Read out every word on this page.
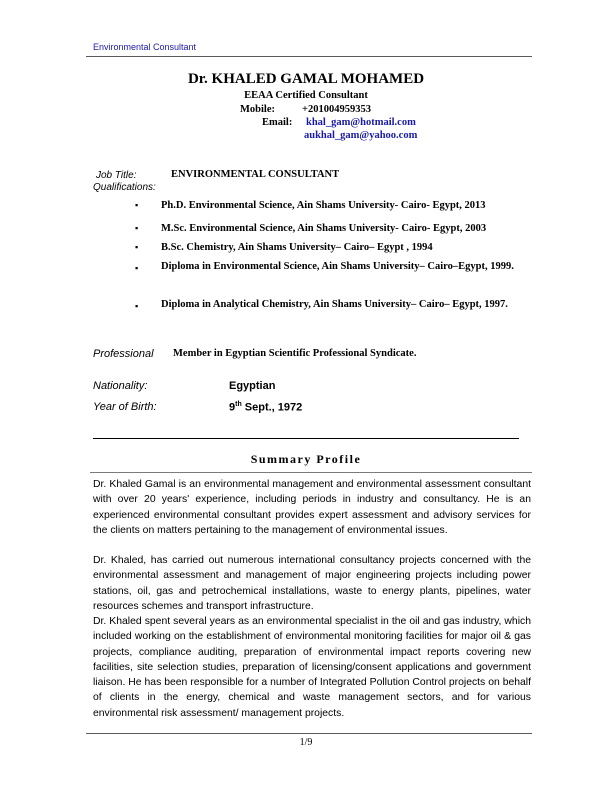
Environmental Consultant
Dr. KHALED GAMAL MOHAMED
EEAA Certified Consultant
Mobile:	+201004959353
Email: khal_gam@hotmail.com
aukhal_gam@yahoo.com
Job Title:	ENVIRONMENTAL CONSULTANT
Qualifications:
▪ Ph.D. Environmental Science, Ain Shams University- Cairo- Egypt, 2013
▪ M.Sc. Environmental Science, Ain Shams University- Cairo- Egypt, 2003
▪ B.Sc. Chemistry, Ain Shams University– Cairo– Egypt , 1994
▪ Diploma in Environmental Science, Ain Shams University– Cairo–Egypt, 1999.
▪ Diploma in Analytical Chemistry, Ain Shams University– Cairo– Egypt, 1997.
Professional Member in Egyptian Scientific Professional Syndicate.
Nationality:	Egyptian
Year of Birth:	9th Sept., 1972
Summary Profile
Dr. Khaled Gamal is an environmental management and environmental assessment consultant with over 20 years' experience, including periods in industry and consultancy. He is an experienced environmental consultant provides expert assessment and advisory services for the clients on matters pertaining to the management of environmental issues.
Dr. Khaled, has carried out numerous international consultancy projects concerned with the environmental assessment and management of major engineering projects including power stations, oil, gas and petrochemical installations, waste to energy plants, pipelines, water resources schemes and transport infrastructure.
Dr. Khaled spent several years as an environmental specialist in the oil and gas industry, which included working on the establishment of environmental monitoring facilities for major oil & gas projects, compliance auditing, preparation of environmental impact reports covering new facilities, site selection studies, preparation of licensing/consent applications and government liaison. He has been responsible for a number of Integrated Pollution Control projects on behalf of clients in the energy, chemical and waste management sectors, and for various environmental risk assessment/ management projects.
1/9
